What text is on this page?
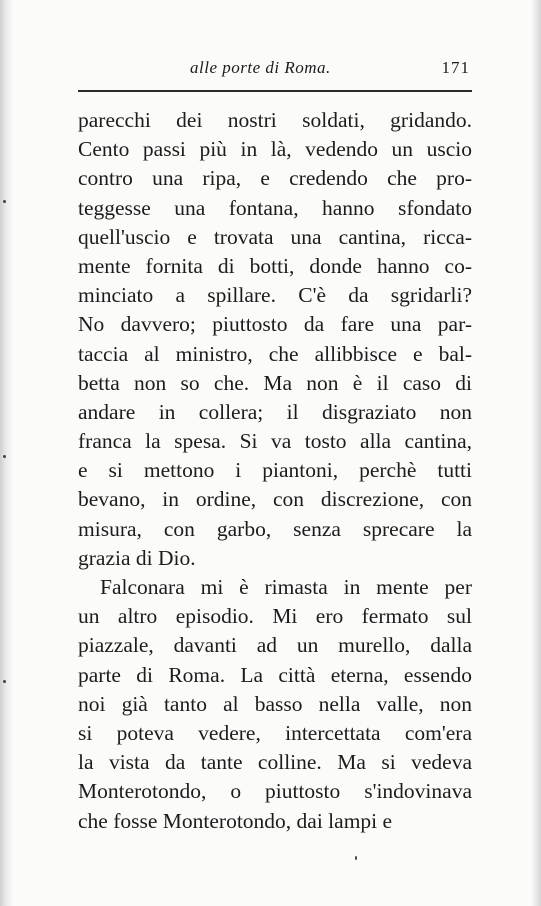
alle porte di Roma.	171
parecchi dei nostri soldati, gridando.
Cento passi più in là, vedendo un uscio
contro una ripa, e credendo che pro-
teggesse una fontana, hanno sfondato
quell'uscio e trovata una cantina, ricca-
mente fornita di botti, donde hanno co-
minciato a spillare. C'è da sgridarli?
No davvero; piuttosto da fare una par-
taccia al ministro, che allibbisce e bal-
betta non so che. Ma non è il caso di
andare in collera; il disgraziato non
franca la spesa. Si va tosto alla cantina,
e si mettono i piantoni, perchè tutti
bevano, in ordine, con discrezione, con
misura, con garbo, senza sprecare la
grazia di Dio.
Falconara mi è rimasta in mente per
un altro episodio. Mi ero fermato sul
piazzale, davanti ad un murello, dalla
parte di Roma. La città eterna, essendo
noi già tanto al basso nella valle, non
si poteva vedere, intercettata com'era
la vista da tante colline. Ma si vedeva
Monterotondo, o piuttosto s'indovinava
che fosse Monterotondo, dai lampi e
